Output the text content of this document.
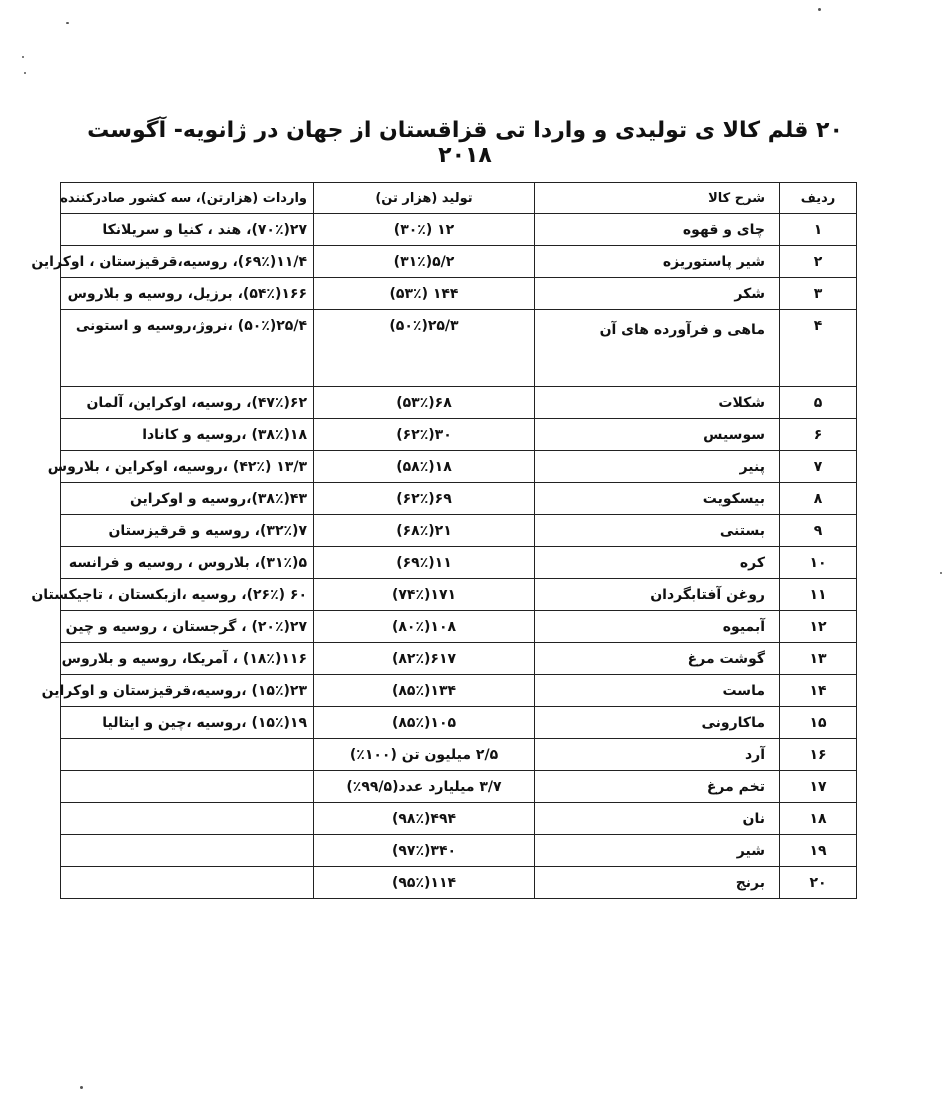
۲۰ قلم کالا ی تولیدی و واردا تی قزاقستان از جهان در ژانویه- آگوست ۲۰۱۸
ردیف	شرح کالا	تولید (هزار تن)	واردات (هزارتن)، سه کشور صادرکننده
۱	چای و قهوه	۱۲ (۳۰٪)	۲۷(۷۰٪)، هند ، کنیا و سریلانکا
۲	شیر پاستوریزه	۵/۲(۳۱٪)	۱۱/۴(۶۹٪)، روسیه،قرقیزستان ، اوکراین
۳	شکر	۱۴۴ (۵۳٪)	۱۶۶(۵۴٪)، برزیل، روسیه و بلاروس
۴	ماهی و فرآورده های آن	۲۵/۳(۵۰٪)	۲۵/۴(۵۰٪) ،نروژ،روسیه و استونی
۵	شکلات	۶۸(۵۳٪)	۶۲(۴۷٪)، روسیه، اوکراین، آلمان
۶	سوسیس	۳۰(۶۲٪)	۱۸(۳۸٪) ،روسیه و کانادا
۷	پنیر	۱۸(۵۸٪)	۱۳/۳ (۴۲٪) ،روسیه، اوکراین ، بلاروس
۸	بیسکویت	۶۹(۶۲٪)	۴۳(۳۸٪)،روسیه و اوکراین
۹	بستنی	۲۱(۶۸٪)	۷(۳۲٪)، روسیه و قرقیزستان
۱۰	کره	۱۱(۶۹٪)	۵(۳۱٪)، بلاروس ، روسیه و فرانسه
۱۱	روغن آفتابگردان	۱۷۱(۷۴٪)	۶۰ (۲۶٪)، روسیه ،ازبکستان ، تاجیکستان
۱۲	آبمیوه	۱۰۸(۸۰٪)	۲۷(۲۰٪) ، گرجستان ، روسیه و چین
۱۳	گوشت مرغ	۶۱۷(۸۲٪)	۱۱۶(۱۸٪) ، آمریکا، روسیه و بلاروس
۱۴	ماست	۱۳۴(۸۵٪)	۲۳(۱۵٪) ،روسیه،قرقیزستان و اوکراین
۱۵	ماکارونی	۱۰۵(۸۵٪)	۱۹(۱۵٪) ،روسیه ،چین و ایتالیا
۱۶	آرد	۲/۵ میلیون تن (۱۰۰٪)	
۱۷	تخم مرغ	۳/۷ میلیارد عدد(۹۹/۵٪)	
۱۸	نان	۴۹۴(۹۸٪)	
۱۹	شیر	۳۴۰(۹۷٪)	
۲۰	برنج	۱۱۴(۹۵٪)	
